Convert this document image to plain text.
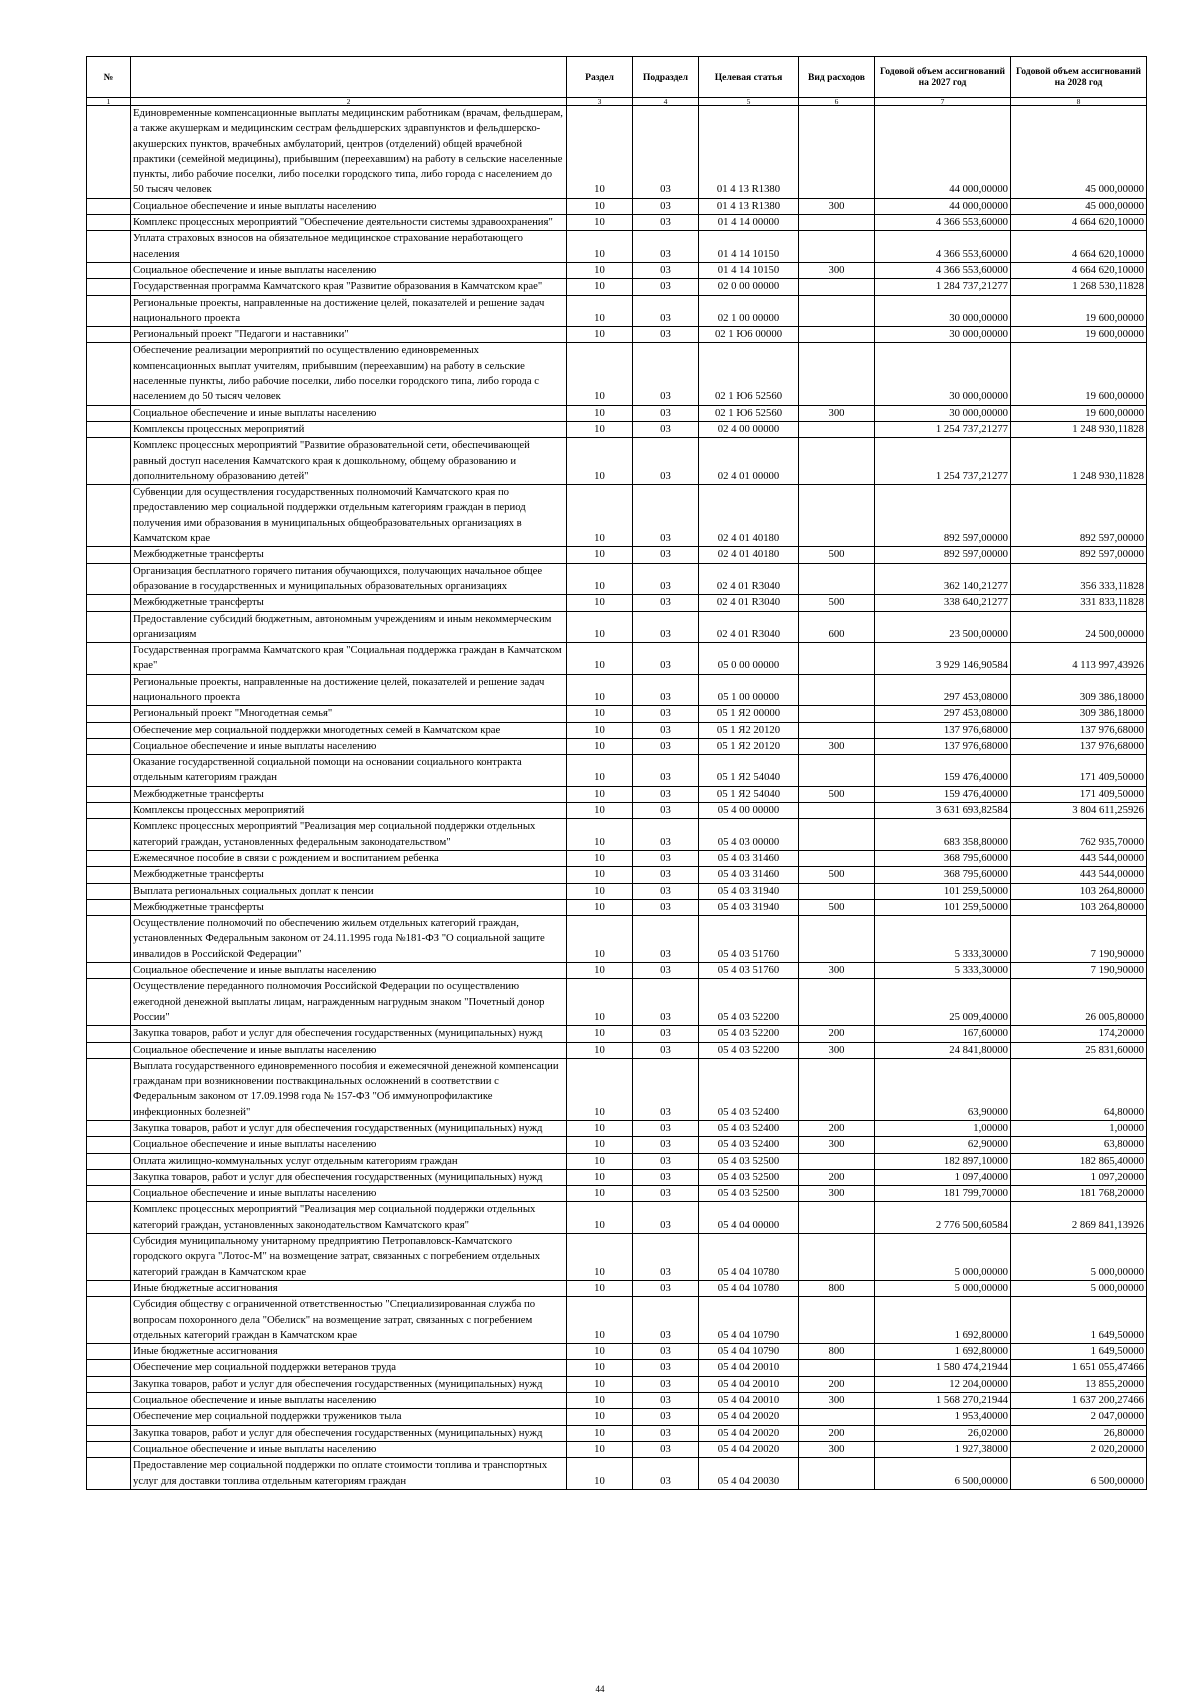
№		Раздел	Подраздел	Целевая статья	Вид расходов	Годовой объем ассигнований на 2027 год	Годовой объем ассигнований на 2028 год
1	2	3	4	5	6	7	8
	Единовременные компенсационные выплаты медицинским работникам (врачам, фельдшерам, а также акушеркам и медицинским сестрам фельдшерских здравпунктов и фельдшерско-акушерских пунктов, врачебных амбулаторий, центров (отделений) общей врачебной практики (семейной медицины), прибывшим (переехавшим) на работу в сельские населенные пункты, либо рабочие поселки, либо поселки городского типа, либо города с населением до 50 тысяч человек	10	03	01 4 13 R1380		44 000,00000	45 000,00000
	Социальное обеспечение и иные выплаты населению	10	03	01 4 13 R1380	300	44 000,00000	45 000,00000
	Комплекс процессных мероприятий "Обеспечение деятельности системы здравоохранения"	10	03	01 4 14 00000		4 366 553,60000	4 664 620,10000
	Уплата страховых взносов на обязательное медицинское страхование неработающего населения	10	03	01 4 14 10150		4 366 553,60000	4 664 620,10000
	Социальное обеспечение и иные выплаты населению	10	03	01 4 14 10150	300	4 366 553,60000	4 664 620,10000
	Государственная программа Камчатского края "Развитие образования в Камчатском крае"	10	03	02 0 00 00000		1 284 737,21277	1 268 530,11828
	Региональные проекты, направленные на достижение целей, показателей и решение задач национального проекта	10	03	02 1 00 00000		30 000,00000	19 600,00000
	Региональный проект "Педагоги и наставники"	10	03	02 1 Ю6 00000		30 000,00000	19 600,00000
	Обеспечение реализации мероприятий по осуществлению единовременных компенсационных выплат учителям, прибывшим (переехавшим) на работу в сельские населенные пункты, либо рабочие поселки, либо поселки городского типа, либо города с населением до 50 тысяч человек	10	03	02 1 Ю6 52560		30 000,00000	19 600,00000
	Социальное обеспечение и иные выплаты населению	10	03	02 1 Ю6 52560	300	30 000,00000	19 600,00000
	Комплексы процессных мероприятий	10	03	02 4 00 00000		1 254 737,21277	1 248 930,11828
	Комплекс процессных мероприятий "Развитие образовательной сети, обеспечивающей равный доступ населения Камчатского края к дошкольному, общему образованию и дополнительному образованию детей"	10	03	02 4 01 00000		1 254 737,21277	1 248 930,11828
	Субвенции для осуществления государственных полномочий Камчатского края по предоставлению мер социальной поддержки отдельным категориям граждан в период получения ими образования в муниципальных общеобразовательных организациях в Камчатском крае	10	03	02 4 01 40180		892 597,00000	892 597,00000
	Межбюджетные трансферты	10	03	02 4 01 40180	500	892 597,00000	892 597,00000
	Организация бесплатного горячего питания обучающихся, получающих начальное общее образование в государственных и муниципальных образовательных организациях	10	03	02 4 01 R3040		362 140,21277	356 333,11828
	Межбюджетные трансферты	10	03	02 4 01 R3040	500	338 640,21277	331 833,11828
	Предоставление субсидий бюджетным, автономным учреждениям и иным некоммерческим организациям	10	03	02 4 01 R3040	600	23 500,00000	24 500,00000
	Государственная программа Камчатского края "Социальная поддержка граждан в Камчатском крае"	10	03	05 0 00 00000		3 929 146,90584	4 113 997,43926
	Региональные проекты, направленные на достижение целей, показателей и решение задач национального проекта	10	03	05 1 00 00000		297 453,08000	309 386,18000
	Региональный проект "Многодетная семья"	10	03	05 1 Я2 00000		297 453,08000	309 386,18000
	Обеспечение мер социальной поддержки многодетных семей в Камчатском крае	10	03	05 1 Я2 20120		137 976,68000	137 976,68000
	Социальное обеспечение и иные выплаты населению	10	03	05 1 Я2 20120	300	137 976,68000	137 976,68000
	Оказание государственной социальной помощи на основании социального контракта отдельным категориям граждан	10	03	05 1 Я2 54040		159 476,40000	171 409,50000
	Межбюджетные трансферты	10	03	05 1 Я2 54040	500	159 476,40000	171 409,50000
	Комплексы процессных мероприятий	10	03	05 4 00 00000		3 631 693,82584	3 804 611,25926
	Комплекс процессных мероприятий "Реализация мер социальной поддержки отдельных категорий граждан, установленных федеральным законодательством"	10	03	05 4 03 00000		683 358,80000	762 935,70000
	Ежемесячное пособие в связи с рождением и воспитанием ребенка	10	03	05 4 03 31460		368 795,60000	443 544,00000
	Межбюджетные трансферты	10	03	05 4 03 31460	500	368 795,60000	443 544,00000
	Выплата региональных социальных доплат к пенсии	10	03	05 4 03 31940		101 259,50000	103 264,80000
	Межбюджетные трансферты	10	03	05 4 03 31940	500	101 259,50000	103 264,80000
	Осуществление полномочий по обеспечению жильем отдельных категорий граждан, установленных Федеральным законом от 24.11.1995 года №181-ФЗ "О социальной защите инвалидов в Российской Федерации"	10	03	05 4 03 51760		5 333,30000	7 190,90000
	Социальное обеспечение и иные выплаты населению	10	03	05 4 03 51760	300	5 333,30000	7 190,90000
	Осуществление переданного полномочия Российской Федерации по осуществлению ежегодной денежной выплаты лицам, награжденным нагрудным знаком "Почетный донор России"	10	03	05 4 03 52200		25 009,40000	26 005,80000
	Закупка товаров, работ и услуг для обеспечения государственных (муниципальных) нужд	10	03	05 4 03 52200	200	167,60000	174,20000
	Социальное обеспечение и иные выплаты населению	10	03	05 4 03 52200	300	24 841,80000	25 831,60000
	Выплата государственного единовременного пособия и ежемесячной денежной компенсации гражданам при возникновении поствакцинальных осложнений в соответствии с Федеральным законом от 17.09.1998 года № 157-ФЗ "Об иммунопрофилактике инфекционных болезней"	10	03	05 4 03 52400		63,90000	64,80000
	Закупка товаров, работ и услуг для обеспечения государственных (муниципальных) нужд	10	03	05 4 03 52400	200	1,00000	1,00000
	Социальное обеспечение и иные выплаты населению	10	03	05 4 03 52400	300	62,90000	63,80000
	Оплата жилищно-коммунальных услуг отдельным категориям граждан	10	03	05 4 03 52500		182 897,10000	182 865,40000
	Закупка товаров, работ и услуг для обеспечения государственных (муниципальных) нужд	10	03	05 4 03 52500	200	1 097,40000	1 097,20000
	Социальное обеспечение и иные выплаты населению	10	03	05 4 03 52500	300	181 799,70000	181 768,20000
	Комплекс процессных мероприятий "Реализация мер социальной поддержки отдельных категорий граждан, установленных законодательством Камчатского края"	10	03	05 4 04 00000		2 776 500,60584	2 869 841,13926
	Субсидия муниципальному унитарному предприятию Петропавловск-Камчатского городского округа "Лотос-М" на возмещение затрат, связанных с погребением отдельных категорий граждан в Камчатском крае	10	03	05 4 04 10780		5 000,00000	5 000,00000
	Иные бюджетные ассигнования	10	03	05 4 04 10780	800	5 000,00000	5 000,00000
	Субсидия обществу с ограниченной ответственностью "Специализированная служба по вопросам похоронного дела "Обелиск" на возмещение затрат, связанных с погребением отдельных категорий граждан в Камчатском крае	10	03	05 4 04 10790		1 692,80000	1 649,50000
	Иные бюджетные ассигнования	10	03	05 4 04 10790	800	1 692,80000	1 649,50000
	Обеспечение мер социальной поддержки ветеранов труда	10	03	05 4 04 20010		1 580 474,21944	1 651 055,47466
	Закупка товаров, работ и услуг для обеспечения государственных (муниципальных) нужд	10	03	05 4 04 20010	200	12 204,00000	13 855,20000
	Социальное обеспечение и иные выплаты населению	10	03	05 4 04 20010	300	1 568 270,21944	1 637 200,27466
	Обеспечение мер социальной поддержки тружеников тыла	10	03	05 4 04 20020		1 953,40000	2 047,00000
	Закупка товаров, работ и услуг для обеспечения государственных (муниципальных) нужд	10	03	05 4 04 20020	200	26,02000	26,80000
	Социальное обеспечение и иные выплаты населению	10	03	05 4 04 20020	300	1 927,38000	2 020,20000
	Предоставление мер социальной поддержки по оплате стоимости топлива и транспортных услуг для доставки топлива отдельным категориям граждан	10	03	05 4 04 20030		6 500,00000	6 500,00000
44
